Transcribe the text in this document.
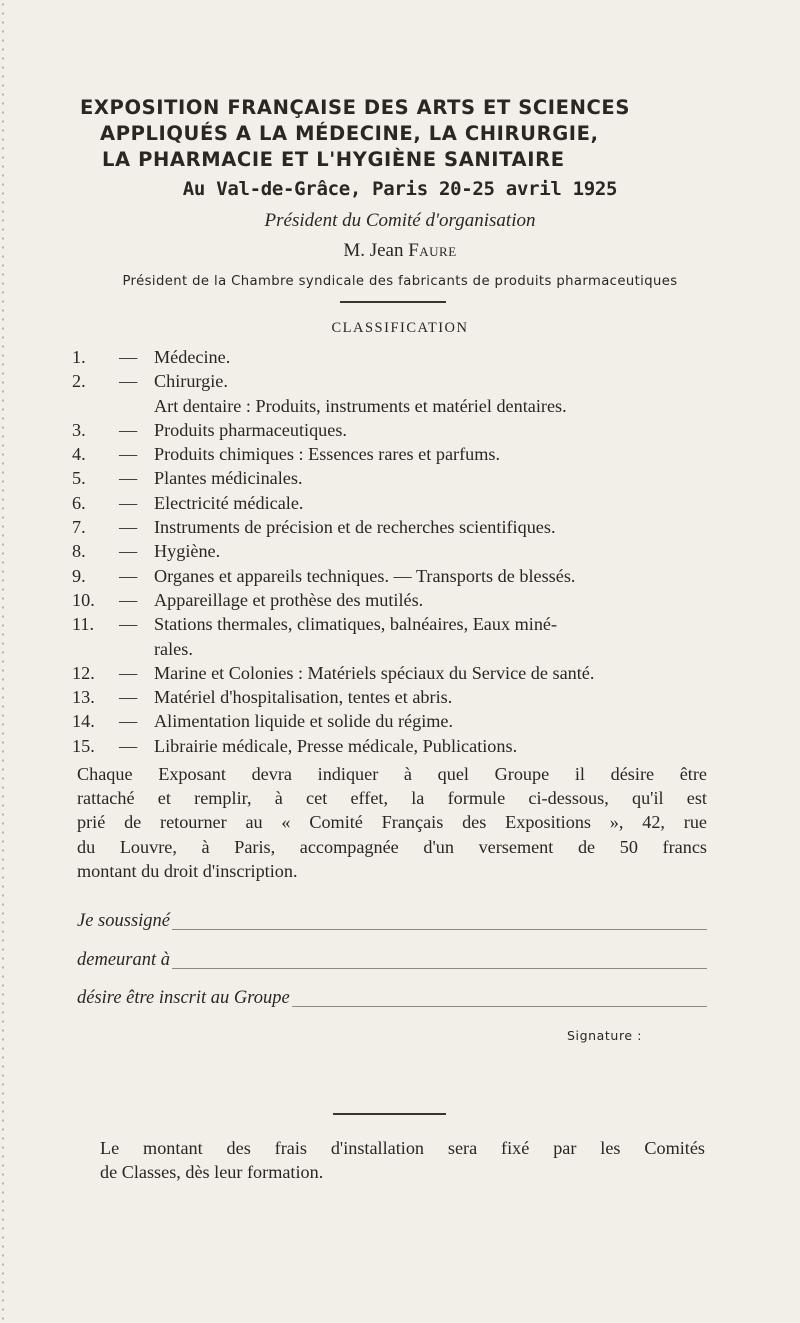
EXPOSITION FRANÇAISE DES ARTS ET SCIENCES
APPLIQUÉS A LA MÉDECINE, LA CHIRURGIE,
LA PHARMACIE ET L'HYGIÈNE SANITAIRE
Au Val-de-Grâce, Paris 20-25 avril 1925
Président du Comité d'organisation
M. Jean Faure
Président de la Chambre syndicale des fabricants de produits pharmaceutiques
CLASSIFICATION
1.	— Médecine.
2.	— Chirurgie.
Art dentaire : Produits, instruments et matériel dentaires.
3.	— Produits pharmaceutiques.
4.	— Produits chimiques : Essences rares et parfums.
5.	— Plantes médicinales.
6.	— Electricité médicale.
7.	— Instruments de précision et de recherches scientifiques.
8.	— Hygiène.
9.	— Organes et appareils techniques. — Transports de blessés.
10.	— Appareillage et prothèse des mutilés.
11.	— Stations thermales, climatiques, balnéaires, Eaux miné-
rales.
12.	— Marine et Colonies : Matériels spéciaux du Service de santé.
13.	— Matériel d'hospitalisation, tentes et abris.
14.	— Alimentation liquide et solide du régime.
15.	— Librairie médicale, Presse médicale, Publications.
Chaque Exposant devra indiquer à quel Groupe il désire être
rattaché et remplir, à cet effet, la formule ci-dessous, qu'il est
prié de retourner au « Comité Français des Expositions », 42, rue
du Louvre, à Paris, accompagnée d'un versement de 50 francs
montant du droit d'inscription.
Je soussigné
demeurant à
désire être inscrit au Groupe
Signature :
Le montant des frais d'installation sera fixé par les Comités
de Classes, dès leur formation.
